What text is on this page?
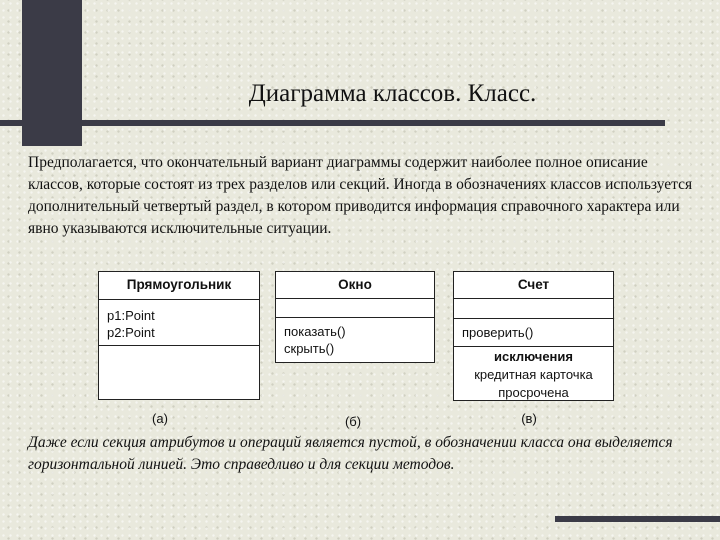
Диаграмма классов. Класс.

Предполагается, что окончательный вариант диаграммы содержит наиболее полное описание классов, которые состоят из трех разделов или секций. Иногда в обозначениях классов используется дополнительный четвертый раздел, в котором приводится информация справочного характера или явно указываются исключительные ситуации.

Прямоугольник
p1:Point
p2:Point
Окно
показать()
скрыть()
Счет
проверить()
исключения
кредитная карточка
просрочена
(a)	(б)	(в)

Даже если секция атрибутов и операций является пустой, в обозначении класса она выделяется горизонтальной линией. Это справедливо и для секции методов.
